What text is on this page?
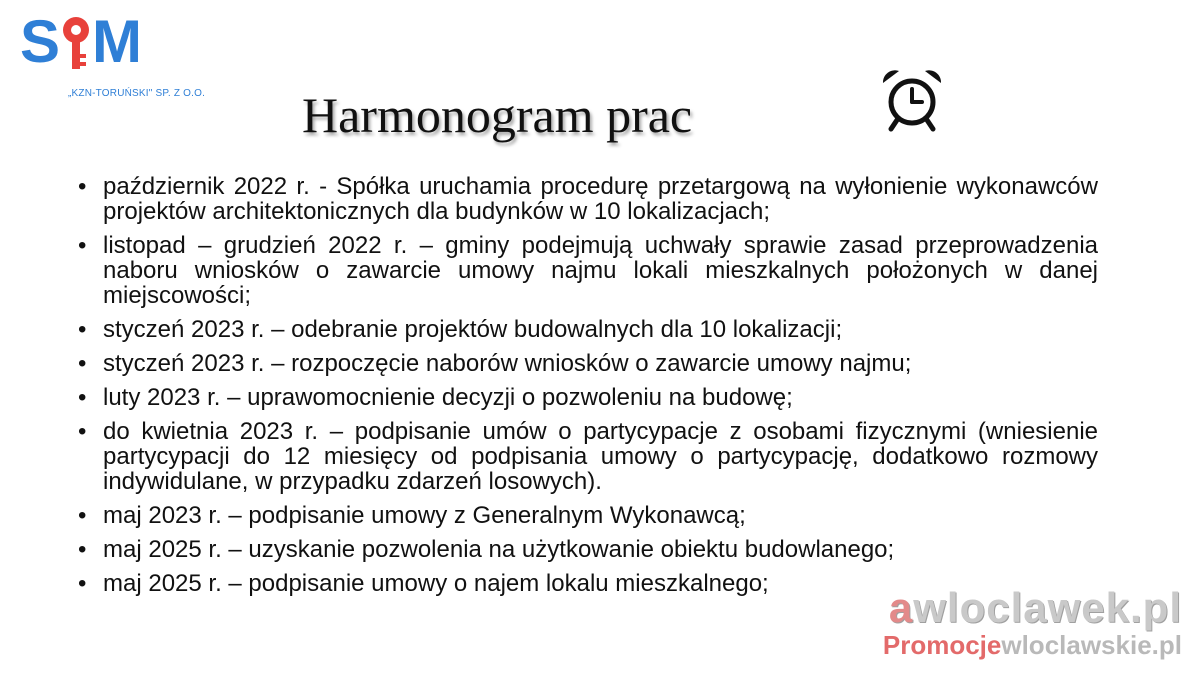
S M
„KZN-TORUŃSKI" SP. Z O.O. Harmonogram prac
• październik 2022 r. - Spółka uruchamia procedurę przetargową na wyłonienie wykonawców projektów architektonicznych dla budynków w 10 lokalizacjach;
• listopad – grudzień 2022 r. – gminy podejmują uchwały sprawie zasad przeprowadzenia naboru wniosków o zawarcie umowy najmu lokali mieszkalnych położonych w danej miejscowości;
• styczeń 2023 r. – odebranie projektów budowalnych dla 10 lokalizacji;
• styczeń 2023 r. – rozpoczęcie naborów wniosków o zawarcie umowy najmu;
• luty 2023 r. – uprawomocnienie decyzji o pozwoleniu na budowę;
• do kwietnia 2023 r. – podpisanie umów o partycypacje z osobami fizycznymi (wniesienie partycypacji do 12 miesięcy od podpisania umowy o partycypację, dodatkowo rozmowy indywidulane, w przypadku zdarzeń losowych).
• maj 2023 r. – podpisanie umowy z Generalnym Wykonawcą;
• maj 2025 r. – uzyskanie pozwolenia na użytkowanie obiektu budowlanego;
• maj 2025 r. – podpisanie umowy o najem lokalu mieszkalnego;
awloclawek.pl
Promocjewloclawskie.pl
